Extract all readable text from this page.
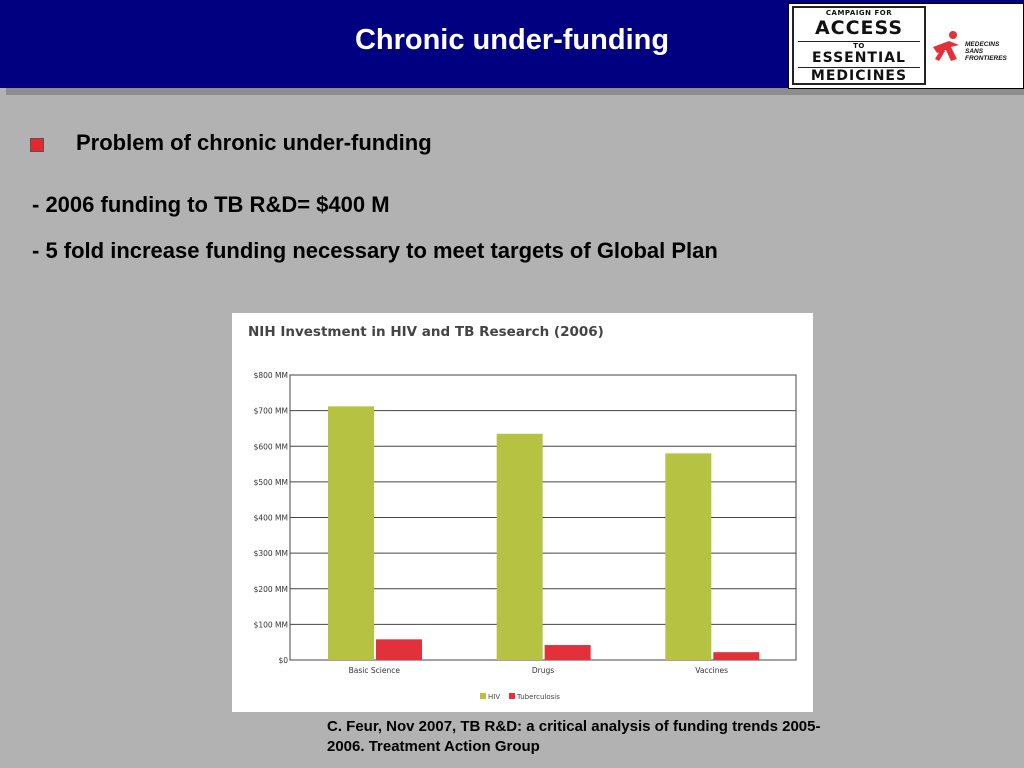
Chronic under-funding
CAMPAIGN FOR
ACCESS
TO
ESSENTIAL
MEDICINES
MEDECINS
SANS FRONTIERES
Problem of chronic under-funding
- 2006 funding to TB R&D= $400 M
- 5 fold increase funding necessary to meet targets of Global Plan
NIH Investment in HIV and TB Research (2006)
$0
$100 MM
$200 MM
$300 MM
$400 MM
$500 MM
$600 MM
$700 MM
$800 MM
Basic Science	Drugs	Vaccines
HIV Tuberculosis
C. Feur, Nov 2007, TB R&D: a critical analysis of funding trends 2005-2006. Treatment Action Group
